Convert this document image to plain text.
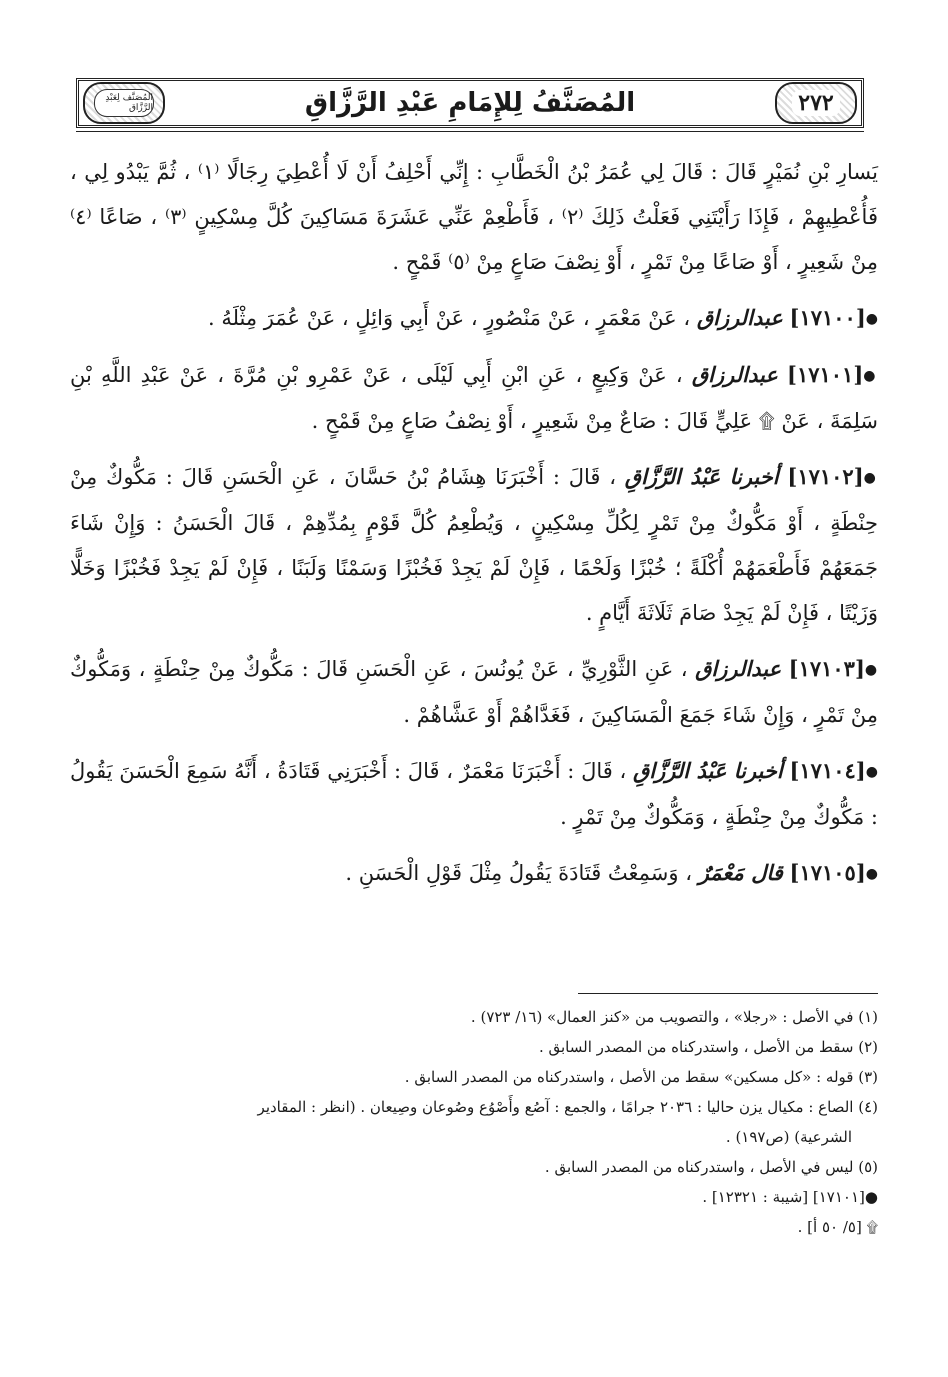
المُصَنَّف لِعَبْدِ الرَّزَّاق	المُصَنَّفُ لِلإِمَامِ عَبْدِ الرَّزَّاقِ	٢٧٢

يَسارِ بْنِ نُمَيْرٍ قَالَ : قَالَ لِي عُمَرُ بْنُ الْخَطَّابِ : إِنِّي أَحْلِفُ أَنْ لَا أُعْطِيَ رِجَالًا ⁽١⁾ ، ثُمَّ يَبْدُو لِي ، فَأُعْطِيهِمْ ، فَإِذَا رَأَيْتَنِي فَعَلْتُ ذَلِكَ ⁽٢⁾ ، فَأَطْعِمْ عَنِّي عَشَرَةَ مَسَاكِينَ كُلَّ مِسْكِينٍ ⁽٣⁾ ، صَاعًا ⁽٤⁾ مِنْ شَعِيرٍ ، أَوْ صَاعًا مِنْ تَمْرٍ ، أَوْ نِصْفَ صَاعٍ مِنْ ⁽٥⁾ قَمْحٍ .

●[١٧١٠٠] عبدالرزاق ، عَنْ مَعْمَرٍ ، عَنْ مَنْصُورٍ ، عَنْ أَبِي وَائِلٍ ، عَنْ عُمَرَ مِثْلَهُ .

●[١٧١٠١] عبدالرزاق ، عَنْ وَكِيعٍ ، عَنِ ابْنِ أَبِي لَيْلَى ، عَنْ عَمْرِو بْنِ مُرَّةَ ، عَنْ عَبْدِ اللَّهِ بْنِ سَلِمَةَ ، عَنْ ۩ عَلِيٍّ قَالَ : صَاعٌ مِنْ شَعِيرٍ ، أَوْ نِصْفُ صَاعٍ مِنْ قَمْحٍ .

●[١٧١٠٢] أخبرنا عَبْدُ الرَّزَّاقِ ، قَالَ : أَخْبَرَنَا هِشَامُ بْنُ حَسَّانَ ، عَنِ الْحَسَنِ قَالَ : مَكُّوكٌ مِنْ حِنْطَةٍ ، أَوْ مَكُّوكٌ مِنْ تَمْرٍ لِكُلِّ مِسْكِينٍ ، وَيُطْعِمُ كُلَّ قَوْمٍ بِمُدِّهِمْ ، قَالَ الْحَسَنُ : وَإِنْ شَاءَ جَمَعَهُمْ فَأَطْعَمَهُمْ أُكْلَةً ؛ خُبْزًا وَلَحْمًا ، فَإِنْ لَمْ يَجِدْ فَخُبْزًا وَسَمْنًا وَلَبَنًا ، فَإِنْ لَمْ يَجِدْ فَخُبْزًا وَخَلًّا وَزَيْتًا ، فَإِنْ لَمْ يَجِدْ صَامَ ثَلَاثَةَ أَيَّامٍ .

●[١٧١٠٣] عبدالرزاق ، عَنِ الثَّوْرِيِّ ، عَنْ يُونُسَ ، عَنِ الْحَسَنِ قَالَ : مَكُّوكٌ مِنْ حِنْطَةٍ ، وَمَكُّوكٌ مِنْ تَمْرٍ ، وَإِنْ شَاءَ جَمَعَ الْمَسَاكِينَ ، فَغَدَّاهُمْ أَوْ عَشَّاهُمْ .

●[١٧١٠٤] أخبرنا عَبْدُ الرَّزَّاقِ ، قَالَ : أَخْبَرَنَا مَعْمَرٌ ، قَالَ : أَخْبَرَنِي قَتَادَةُ ، أَنَّهُ سَمِعَ الْحَسَنَ يَقُولُ : مَكُّوكٌ مِنْ حِنْطَةٍ ، وَمَكُّوكٌ مِنْ تَمْرٍ .

●[١٧١٠٥] قال مَعْمَرٌ ، وَسَمِعْتُ قَتَادَةَ يَقُولُ مِثْلَ قَوْلِ الْحَسَنِ .

(١) في الأصل : «رجلا» ، والتصويب من «كنز العمال» (١٦/ ٧٢٣) .

(٢) سقط من الأصل ، واستدركناه من المصدر السابق .

(٣) قوله : «كل مسكين» سقط من الأصل ، واستدركناه من المصدر السابق .

(٤) الصاع : مكيال يزن حاليا : ٢٠٣٦ جرامًا ، والجمع : آصُع وأَصْوُع وصُوعان وصِيعان . (انظر : المقادير

الشرعية) (ص١٩٧) .

(٥) ليس في الأصل ، واستدركناه من المصدر السابق .

●[١٧١٠١] [شيبة : ١٢٣٢١] .

۩ [٥/ ٥٠ أ] .
